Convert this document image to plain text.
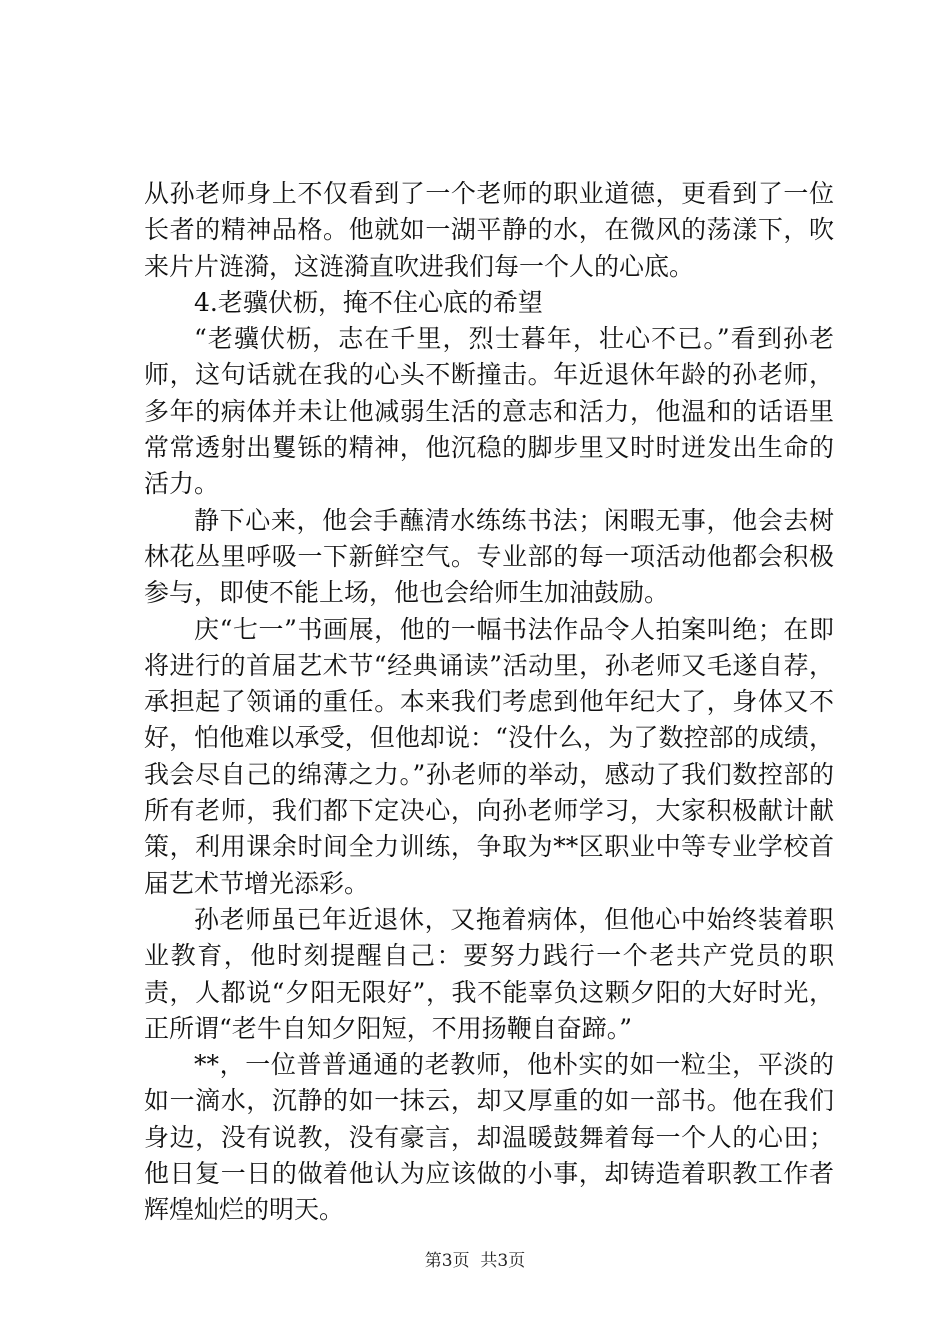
从孙老师身上不仅看到了一个老师的职业道德，更看到了一位长者的精神品格。他就如一湖平静的水，在微风的荡漾下，吹来片片涟漪，这涟漪直吹进我们每一个人的心底。

4.老骥伏枥，掩不住心底的希望

“老骥伏枥，志在千里，烈士暮年，壮心不已。”看到孙老师，这句话就在我的心头不断撞击。年近退休年龄的孙老师，多年的病体并未让他减弱生活的意志和活力，他温和的话语里常常透射出矍铄的精神，他沉稳的脚步里又时时迸发出生命的活力。

静下心来，他会手蘸清水练练书法；闲暇无事，他会去树林花丛里呼吸一下新鲜空气。专业部的每一项活动他都会积极参与，即使不能上场，他也会给师生加油鼓励。

庆“七一”书画展，他的一幅书法作品令人拍案叫绝；在即将进行的首届艺术节“经典诵读”活动里，孙老师又毛遂自荐，承担起了领诵的重任。本来我们考虑到他年纪大了，身体又不好，怕他难以承受，但他却说：“没什么，为了数控部的成绩，我会尽自己的绵薄之力。”孙老师的举动，感动了我们数控部的所有老师，我们都下定决心，向孙老师学习，大家积极献计献策，利用课余时间全力训练，争取为**区职业中等专业学校首届艺术节增光添彩。

孙老师虽已年近退休，又拖着病体，但他心中始终装着职业教育，他时刻提醒自己：要努力践行一个老共产党员的职责，人都说“夕阳无限好”，我不能辜负这颗夕阳的大好时光，正所谓“老牛自知夕阳短，不用扬鞭自奋蹄。”

**，一位普普通通的老教师，他朴实的如一粒尘，平淡的如一滴水，沉静的如一抹云，却又厚重的如一部书。他在我们身边，没有说教，没有豪言，却温暖鼓舞着每一个人的心田；他日复一日的做着他认为应该做的小事，却铸造着职教工作者辉煌灿烂的明天。

第3页  共3页
